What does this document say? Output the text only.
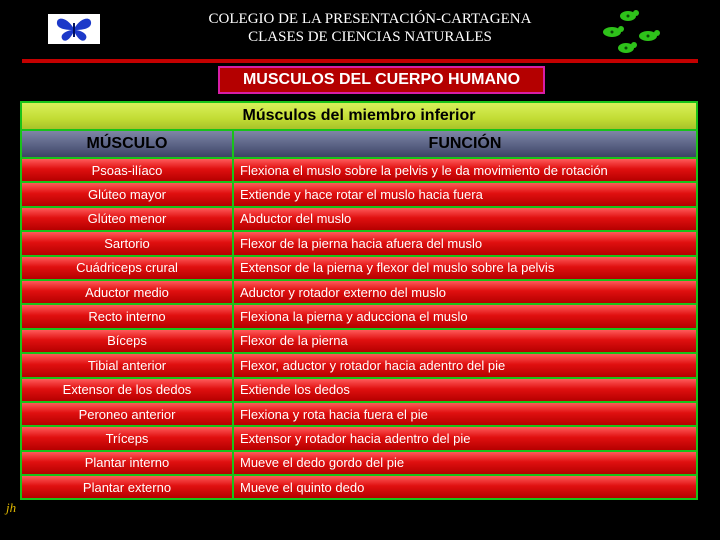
COLEGIO DE LA PRESENTACIÓN-CARTAGENA
CLASES DE CIENCIAS NATURALES
MUSCULOS DEL CUERPO HUMANO
Músculos del miembro inferior	
MÚSCULO	FUNCIÓN
Psoas-ilíaco	Flexiona el muslo sobre la pelvis y le da movimiento de rotación
Glúteo mayor	Extiende y hace rotar el muslo hacia fuera
Glúteo menor	Abductor del muslo
Sartorio	Flexor de la pierna hacia afuera del muslo
Cuádriceps crural	Extensor de la pierna y flexor del muslo sobre la pelvis
Aductor medio	Aductor y rotador externo del muslo
Recto interno	Flexiona la pierna y aducciona el muslo
Bíceps	Flexor de la pierna
Tibial anterior	Flexor, aductor y rotador hacia adentro del pie
Extensor de los dedos	Extiende los dedos
Peroneo anterior	Flexiona y rota hacia fuera el pie
Tríceps	Extensor y rotador hacia adentro del pie
Plantar interno	Mueve el dedo gordo del pie
Plantar externo	Mueve el quinto dedo
jh
